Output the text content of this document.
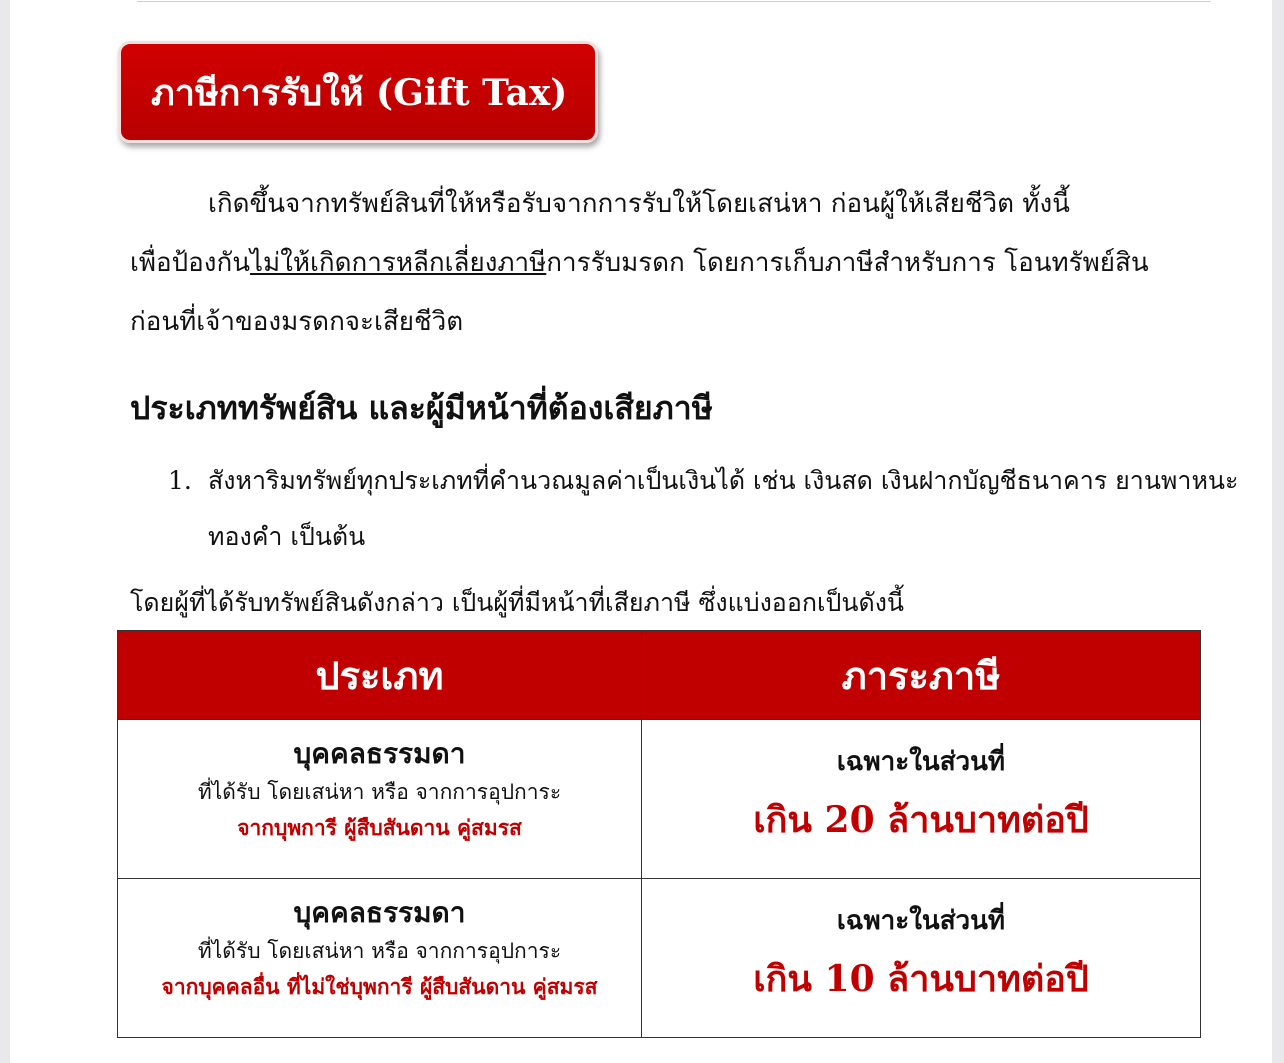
ภาษีการรับให้ (Gift Tax)
เกิดขึ้นจากทรัพย์สินที่ให้หรือรับจากการรับให้โดยเสน่หา ก่อนผู้ให้เสียชีวิต ทั้งนี้
เพื่อป้องกันไม่ให้เกิดการหลีกเลี่ยงภาษีการรับมรดก โดยการเก็บภาษีสำหรับการ โอนทรัพย์สิน
ก่อนที่เจ้าของมรดกจะเสียชีวิต
ประเภททรัพย์สิน และผู้มีหน้าที่ต้องเสียภาษี
1. สังหาริมทรัพย์ทุกประเภทที่คำนวณมูลค่าเป็นเงินได้ เช่น เงินสด เงินฝากบัญชีธนาคาร ยานพาหนะ
ทองคำ เป็นต้น
โดยผู้ที่ได้รับทรัพย์สินดังกล่าว เป็นผู้ที่มีหน้าที่เสียภาษี ซึ่งแบ่งออกเป็นดังนี้
ประเภท	ภาระภาษี

บุคคลธรรมดา
ที่ได้รับ โดยเสน่หา หรือ จากการอุปการะ
จากบุพการี ผู้สืบสันดาน คู่สมรส	เฉพาะในส่วนที่
เกิน 20 ล้านบาทต่อปี

บุคคลธรรมดา
ที่ได้รับ โดยเสน่หา หรือ จากการอุปการะ
จากบุคคลอื่น ที่ไม่ใช่บุพการี ผู้สืบสันดาน คู่สมรส	เฉพาะในส่วนที่
เกิน 10 ล้านบาทต่อปี
